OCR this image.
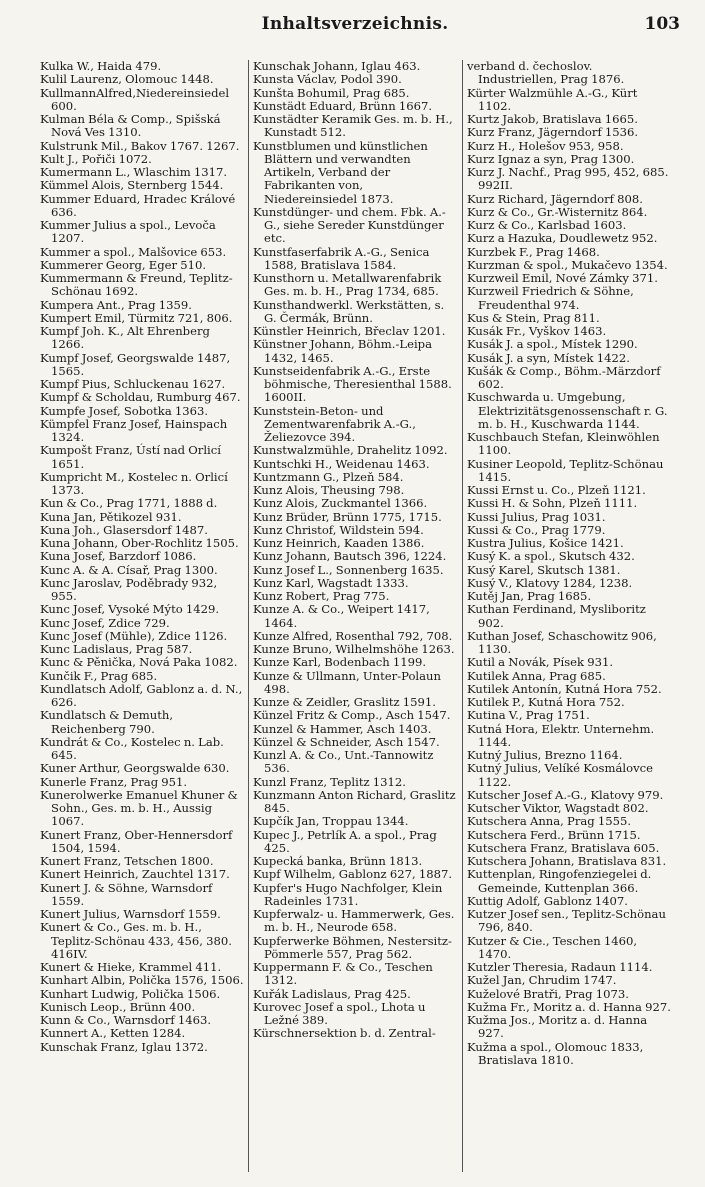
Inhaltsverzeichnis.	103
Kulka W., Haida 479.
Kulil Laurenz, Olomouc 1448.
KullmannAlfred,Niedereinsiedel 600.
Kulman Béla & Comp., Spišská Nová Ves 1310.
Kulstrunk Mil., Bakov 1767. 1267.
Kult J., Pořiči 1072.
Kumermann L., Wlaschim 1317.
Kümmel Alois, Sternberg 1544.
Kummer Eduard, Hradec Králové 636.
Kummer Julius a spol., Levoča 1207.
Kummer a spol., Malšovice 653.
Kummerer Georg, Eger 510.
Kummermann & Freund, Teplitz-Schönau 1692.
Kumpera Ant., Prag 1359.
Kumpert Emil, Türmitz 721, 806.
Kumpf Joh. K., Alt Ehrenberg 1266.
Kumpf Josef, Georgswalde 1487, 1565.
Kumpf Pius, Schluckenau 1627.
Kumpf & Scholdau, Rumburg 467.
Kumpfe Josef, Sobotka 1363.
Kümpfel Franz Josef, Hainspach 1324.
Kumpošt Franz, Ústí nad Orlicí 1651.
Kumpricht M., Kostelec n. Orlicí 1373.
Kun & Co., Prag 1771, 1888 d.
Kuna Jan, Pětikozel 931.
Kuna Joh., Glasersdorf 1487.
Kuna Johann, Ober-Rochlitz 1505.
Kuna Josef, Barzdorf 1086.
Kunc A. & A. Císař, Prag 1300.
Kunc Jaroslav, Poděbrady 932, 955.
Kunc Josef, Vysoké Mýto 1429.
Kunc Josef, Zdice 729.
Kunc Josef (Mühle), Zdice 1126.
Kunc Ladislaus, Prag 587.
Kunc & Pěnička, Nová Paka 1082.
Kunčik F., Prag 685.
Kundlatsch Adolf, Gablonz a. d. N., 626.
Kundlatsch & Demuth, Reichenberg 790.
Kundrát & Co., Kostelec n. Lab. 645.
Kuner Arthur, Georgswalde 630.
Kunerle Franz, Prag 951.
Kunerolwerke Emanuel Khuner & Sohn., Ges. m. b. H., Aussig 1067.
Kunert Franz, Ober-Hennersdorf 1504, 1594.
Kunert Franz, Tetschen 1800.
Kunert Heinrich, Zauchtel 1317.
Kunert J. & Söhne, Warnsdorf 1559.
Kunert Julius, Warnsdorf 1559.
Kunert & Co., Ges. m. b. H., Teplitz-Schönau 433, 456, 380. 416IV.
Kunert & Hieke, Krammel 411.
Kunhart Albin, Polička 1576, 1506.
Kunhart Ludwig, Polička 1506.
Kunisch Leop., Brünn 400.
Kunn & Co., Warnsdorf 1463.
Kunnert A., Ketten 1284.
Kunschak Franz, Iglau 1372.
Kunschak Johann, Iglau 463.
Kunsta Václav, Podol 390.
Kunšta Bohumil, Prag 685.
Kunstädt Eduard, Brünn 1667.
Kunstädter Keramik Ges. m. b. H., Kunstadt 512.
Kunstblumen und künstlichen Blättern und verwandten Artikeln, Verband der Fabrikanten von, Niedereinsiedel 1873.
Kunstdünger- und chem. Fbk. A.-G., siehe Sereder Kunstdünger etc.
Kunstfaserfabrik A.-G., Senica 1588, Bratislava 1584.
Kunsthorn u. Metallwarenfabrik Ges. m. b. H., Prag 1734, 685.
Kunsthandwerkl. Werkstätten, s. G. Čermák, Brünn.
Künstler Heinrich, Břeclav 1201.
Künstner Johann, Böhm.-Leipa 1432, 1465.
Kunstseidenfabrik A.-G., Erste böhmische, Theresienthal 1588. 1600II.
Kunststein-Beton- und Zementwarenfabrik A.-G., Želiezovce 394.
Kunstwalzmühle, Drahelitz 1092.
Kuntschki H., Weidenau 1463.
Kuntzmann G., Plzeň 584.
Kunz Alois, Theusing 798.
Kunz Alois, Zuckmantel 1366.
Kunz Brüder, Brünn 1775, 1715.
Kunz Christof, Wildstein 594.
Kunz Heinrich, Kaaden 1386.
Kunz Johann, Bautsch 396, 1224.
Kunz Josef L., Sonnenberg 1635.
Kunz Karl, Wagstadt 1333.
Kunz Robert, Prag 775.
Kunze A. & Co., Weipert 1417, 1464.
Kunze Alfred, Rosenthal 792, 708.
Kunze Bruno, Wilhelmshöhe 1263.
Kunze Karl, Bodenbach 1199.
Kunze & Ullmann, Unter-Polaun 498.
Kunze & Zeidler, Graslitz 1591.
Künzel Fritz & Comp., Asch 1547.
Kunzel & Hammer, Asch 1403.
Künzel & Schneider, Asch 1547.
Kunzl A. & Co., Unt.-Tannowitz 536.
Kunzl Franz, Teplitz 1312.
Kunzmann Anton Richard, Graslitz 845.
Kupčík Jan, Troppau 1344.
Kupec J., Petrlík A. a spol., Prag 425.
Kupecká banka, Brünn 1813.
Kupf Wilhelm, Gablonz 627, 1887.
Kupfer's Hugo Nachfolger, Klein Radeinles 1731.
Kupferwalz- u. Hammerwerk, Ges. m. b. H., Neurode 658.
Kupferwerke Böhmen, Nestersitz-Pömmerle 557, Prag 562.
Kuppermann F. & Co., Teschen 1312.
Kuřák Ladislaus, Prag 425.
Kurovec Josef a spol., Lhota u Ležné 389.
Kürschnersektion b. d. Zentral-
verband d. čechoslov. Industriellen, Prag 1876.
Kürter Walzmühle A.-G., Kürt 1102.
Kurtz Jakob, Bratislava 1665.
Kurz Franz, Jägerndorf 1536.
Kurz H., Holešov 953, 958.
Kurz Ignaz a syn, Prag 1300.
Kurz J. Nachf., Prag 995, 452, 685. 992II.
Kurz Richard, Jägerndorf 808.
Kurz & Co., Gr.-Wisternitz 864.
Kurz & Co., Karlsbad 1603.
Kurz a Hazuka, Doudlewetz 952.
Kurzbek F., Prag 1468.
Kurzman & spol., Mukačevo 1354.
Kurzweil Emil, Nové Zámky 371.
Kurzweil Friedrich & Söhne, Freudenthal 974.
Kus & Stein, Prag 811.
Kusák Fr., Vyškov 1463.
Kusák J. a spol., Místek 1290.
Kusák J. a syn, Místek 1422.
Kušák & Comp., Böhm.-Märzdorf 602.
Kuschwarda u. Umgebung, Elektrizitätsgenossenschaft r. G. m. b. H., Kuschwarda 1144.
Kuschbauch Stefan, Kleinwöhlen 1100.
Kusiner Leopold, Teplitz-Schönau 1415.
Kussi Ernst u. Co., Plzeň 1121.
Kussi H. & Sohn, Plzeň 1111.
Kussi Julius, Prag 1031.
Kussi & Co., Prag 1779.
Kustra Julius, Košice 1421.
Kusý K. a spol., Skutsch 432.
Kusý Karel, Skutsch 1381.
Kusý V., Klatovy 1284, 1238.
Kutěj Jan, Prag 1685.
Kuthan Ferdinand, Mysliboritz 902.
Kuthan Josef, Schaschowitz 906, 1130.
Kutil a Novák, Písek 931.
Kutilek Anna, Prag 685.
Kutilek Antonín, Kutná Hora 752.
Kutilek P., Kutná Hora 752.
Kutina V., Prag 1751.
Kutná Hora, Elektr. Unternehm. 1144.
Kutný Julius, Brezno 1164.
Kutný Julius, Velíké Kosmálovce 1122.
Kutscher Josef A.-G., Klatovy 979.
Kutscher Viktor, Wagstadt 802.
Kutschera Anna, Prag 1555.
Kutschera Ferd., Brünn 1715.
Kutschera Franz, Bratislava 605.
Kutschera Johann, Bratislava 831.
Kuttenplan, Ringofenziegelei d. Gemeinde, Kuttenplan 366.
Kuttig Adolf, Gablonz 1407.
Kutzer Josef sen., Teplitz-Schönau 796, 840.
Kutzer & Cie., Teschen 1460, 1470.
Kutzler Theresia, Radaun 1114.
Kužel Jan, Chrudim 1747.
Kuželové Bratři, Prag 1073.
Kužma Fr., Moritz a. d. Hanna 927.
Kužma Jos., Moritz a. d. Hanna 927.
Kužma a spol., Olomouc 1833, Bratislava 1810.
